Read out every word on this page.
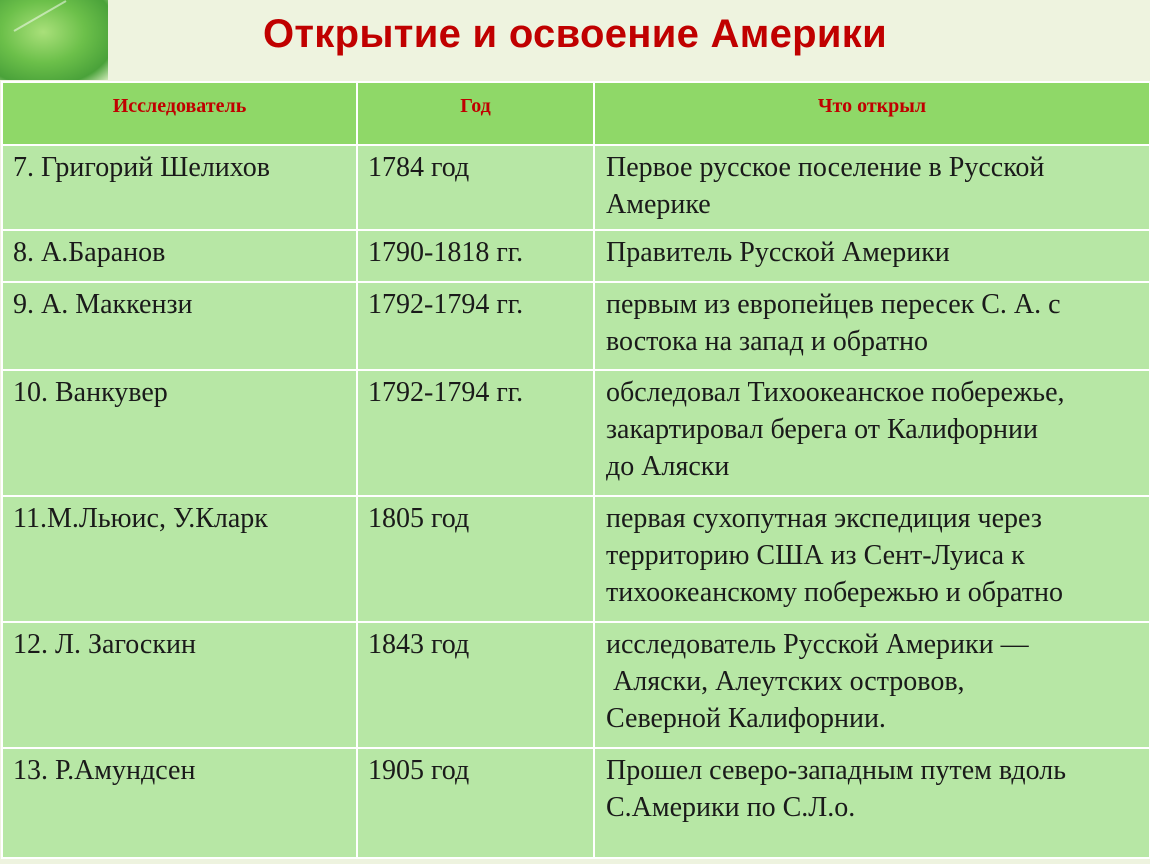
Открытие и освоение Америки
Исследователь	Год	Что открыл
7. Григорий Шелихов	1784 год	Первое русское поселение в Русской
Америке

8. А.Баранов	1790-1818 гг.	Правитель Русской Америки

9. А. Маккензи	1792-1794 гг.	первым из европейцев пересек С. А. с
востока на запад и обратно

10. Ванкувер	1792-1794 гг.	обследовал Тихоокеанское побережье,
закартировал берега от Калифорнии
до Аляски

11.М.Льюис, У.Кларк	1805 год	первая сухопутная экспедиция через
территорию США из Сент-Луиса к
тихоокеанскому побережью и обратно

12. Л. Загоскин	1843 год	исследователь Русской Америки —
Аляски, Алеутских островов,
Северной Калифорнии.

13. Р.Амундсен	1905 год	Прошел северо-западным путем вдоль
С.Америки по С.Л.о.
